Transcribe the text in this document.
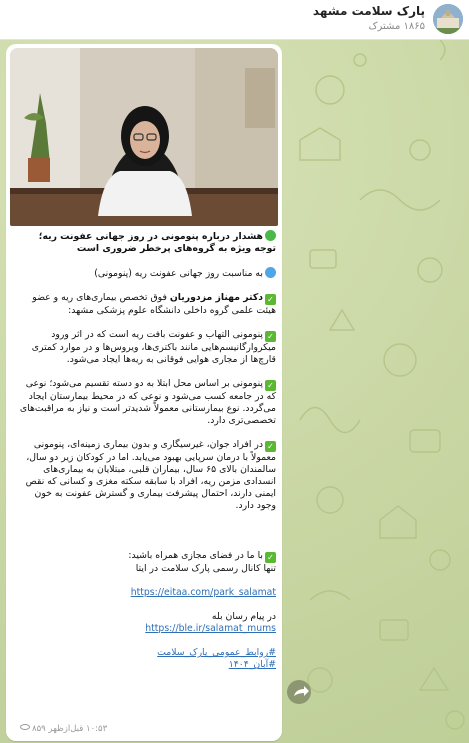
پارک سلامت مشهد
۱۸۶۵ مشترک
هشدار درباره پنومونی در روز جهانی عفونت ریه؛ توجه ویژه به گروه‌های پرخطر ضروری است
به مناسبت روز جهانی عفونت ریه (پنومونی)
✓دکتر مهناز مزدوریان فوق تخصص بیماری‌های ریه و عضو هیئت علمی گروه داخلی دانشگاه علوم پزشکی مشهد:
✓پنومونی التهاب و عفونت بافت ریه است که در اثر ورود میکروارگانیسم‌هایی مانند باکتری‌ها، ویروس‌ها و در موارد کمتری قارچ‌ها از مجاری هوایی فوقانی به ریه‌ها ایجاد می‌شود.
✓پنومونی بر اساس محل ابتلا به دو دسته تقسیم می‌شود؛ نوعی که در جامعه کسب می‌شود و نوعی که در محیط بیمارستان ایجاد می‌گردد. نوع بیمارستانی معمولاً شدیدتر است و نیاز به مراقبت‌های تخصصی‌تری دارد.
✓در افراد جوان، غیرسیگاری و بدون بیماری زمینه‌ای، پنومونی معمولاً با درمان سرپایی بهبود می‌یابد. اما در کودکان زیر دو سال، سالمندان بالای ۶۵ سال، بیماران قلبی، مبتلایان به بیماری‌های انسدادی مزمن ریه، افراد با سابقه سکته مغزی و کسانی که نقص ایمنی دارند، احتمال پیشرفت بیماری و گسترش عفونت به خون وجود دارد.
✓با ما در فضای مجازی همراه باشید:
تنها کانال رسمی پارک سلامت در ایتا
https://eitaa.com/park_salamat
در پیام رسان بله
https://ble.ir/salamat_mums
#روابط_عمومی_پارک_سلامت
#آبان_۱۴۰۴
۱۰:۵۳ قبل‌ازظهر ۸۵۹
